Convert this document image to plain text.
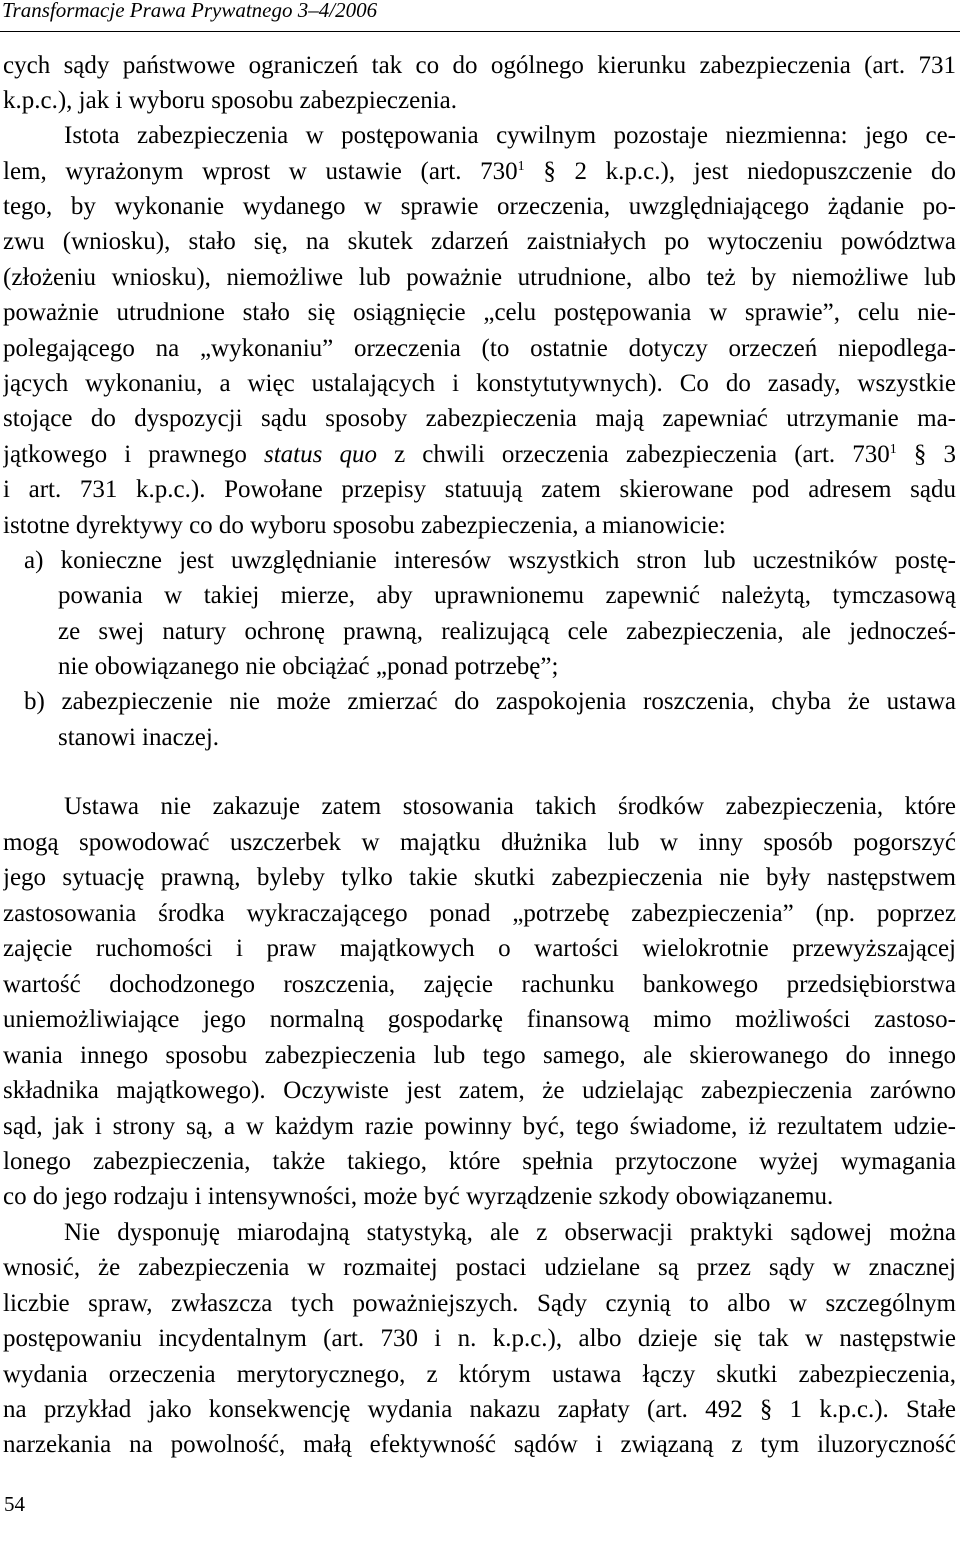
Transformacje Prawa Prywatnego 3–4/2006
cych sądy państwowe ograniczeń tak co do ogólnego kierunku zabezpieczenia (art. 731
k.p.c.), jak i wyboru sposobu zabezpieczenia.
Istota zabezpieczenia w postępowania cywilnym pozostaje niezmienna: jego ce-
lem, wyrażonym wprost w ustawie (art. $730^1$ § 2 k.p.c.), jest niedopuszczenie do
tego, by wykonanie wydanego w sprawie orzeczenia, uwzględniającego żądanie po-
zwu (wniosku), stało się, na skutek zdarzeń zaistniałych po wytoczeniu powództwa
(złożeniu wniosku), niemożliwe lub poważnie utrudnione, albo też by niemożliwe lub
poważnie utrudnione stało się osiągnięcie „celu postępowania w sprawie”, celu nie-
polegającego na „wykonaniu” orzeczenia (to ostatnie dotyczy orzeczeń niepodlega-
jących wykonaniu, a więc ustalających i konstytutywnych). Co do zasady, wszystkie
stojące do dyspozycji sądu sposoby zabezpieczenia mają zapewniać utrzymanie ma-
jątkowego i prawnego status quo z chwili orzeczenia zabezpieczenia (art. $730^1$ § 3
i art. 731 k.p.c.). Powołane przepisy statuują zatem skierowane pod adresem sądu
istotne dyrektywy co do wyboru sposobu zabezpieczenia, a mianowicie:
a) konieczne jest uwzględnianie interesów wszystkich stron lub uczestników postę-
powania w takiej mierze, aby uprawnionemu zapewnić należytą, tymczasową
ze swej natury ochronę prawną, realizującą cele zabezpieczenia, ale jednocześ-
nie obowiązanego nie obciążać „ponad potrzebę”;
b) zabezpieczenie nie może zmierzać do zaspokojenia roszczenia, chyba że ustawa
stanowi inaczej.
Ustawa nie zakazuje zatem stosowania takich środków zabezpieczenia, które
mogą spowodować uszczerbek w majątku dłużnika lub w inny sposób pogorszyć
jego sytuację prawną, byleby tylko takie skutki zabezpieczenia nie były następstwem
zastosowania środka wykraczającego ponad „potrzebę zabezpieczenia” (np. poprzez
zajęcie ruchomości i praw majątkowych o wartości wielokrotnie przewyższającej
wartość dochodzonego roszczenia, zajęcie rachunku bankowego przedsiębiorstwa
uniemożliwiające jego normalną gospodarkę finansową mimo możliwości zastoso-
wania innego sposobu zabezpieczenia lub tego samego, ale skierowanego do innego
składnika majątkowego). Oczywiste jest zatem, że udzielając zabezpieczenia zarówno
sąd, jak i strony są, a w każdym razie powinny być, tego świadome, iż rezultatem udzie-
lonego zabezpieczenia, także takiego, które spełnia przytoczone wyżej wymagania
co do jego rodzaju i intensywności, może być wyrządzenie szkody obowiązanemu.
Nie dysponuję miarodajną statystyką, ale z obserwacji praktyki sądowej można
wnosić, że zabezpieczenia w rozmaitej postaci udzielane są przez sądy w znacznej
liczbie spraw, zwłaszcza tych poważniejszych. Sądy czynią to albo w szczególnym
postępowaniu incydentalnym (art. 730 i n. k.p.c.), albo dzieje się tak w następstwie
wydania orzeczenia merytorycznego, z którym ustawa łączy skutki zabezpieczenia,
na przykład jako konsekwencję wydania nakazu zapłaty (art. 492 § 1 k.p.c.). Stałe
narzekania na powolność, małą efektywność sądów i związaną z tym iluzoryczność
54
